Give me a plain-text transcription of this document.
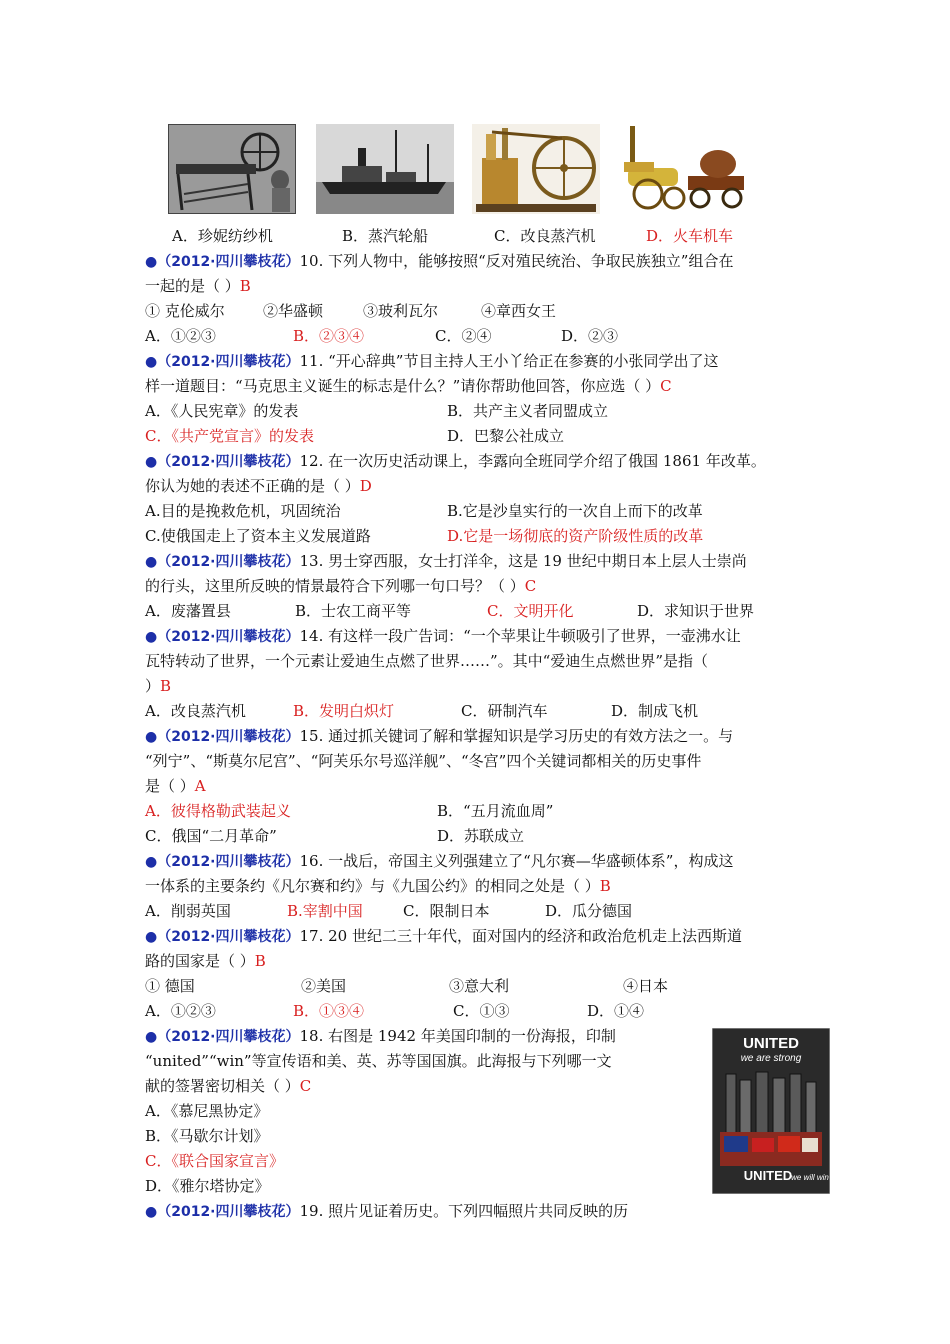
A．珍妮纺纱机	B．蒸汽轮船	C．改良蒸汽机	D．火车机车
●（2012·四川攀枝花）10. 下列人物中，能够按照“反对殖民统治、争取民族独立”组合在
一起的是（ ）B
① 克伦威尔	②华盛顿	③玻利瓦尔	④章西女王
A．①②③	B．②③④	C．②④	D．②③
●（2012·四川攀枝花）11. “开心辞典”节目主持人王小丫给正在参赛的小张同学出了这
样一道题目：“马克思主义诞生的标志是什么？”请你帮助他回答，你应选（ ）C
A．《人民宪章》的发表	B．共产主义者同盟成立
C．《共产党宣言》的发表	D．巴黎公社成立
●（2012·四川攀枝花）12. 在一次历史活动课上，李露向全班同学介绍了俄国 1861 年改革。
你认为她的表述不正确的是（ ）D
A.目的是挽救危机，巩固统治	B.它是沙皇实行的一次自上而下的改革
C.使俄国走上了资本主义发展道路	D.它是一场彻底的资产阶级性质的改革
●（2012·四川攀枝花）13. 男士穿西服，女士打洋伞，这是 19 世纪中期日本上层人士崇尚
的行头，这里所反映的情景最符合下列哪一句口号？（ ）C
A．废藩置县	B．士农工商平等	C．文明开化	D．求知识于世界
●（2012·四川攀枝花）14. 有这样一段广告词：“一个苹果让牛顿吸引了世界，一壶沸水让
瓦特转动了世界，一个元素让爱迪生点燃了世界……”。其中“爱迪生点燃世界”是指（
）B
A．改良蒸汽机	B．发明白炽灯	C．研制汽车	D．制成飞机
●（2012·四川攀枝花）15. 通过抓关键词了解和掌握知识是学习历史的有效方法之一。与
“列宁”、“斯莫尔尼宫”、“阿芙乐尔号巡洋舰”、“冬宫”四个关键词都相关的历史事件
是（ ）A
A．彼得格勒武装起义	B．“五月流血周”
C．俄国“二月革命”	D．苏联成立
●（2012·四川攀枝花）16. 一战后，帝国主义列强建立了“凡尔赛—华盛顿体系”，构成这
一体系的主要条约《凡尔赛和约》与《九国公约》的相同之处是（ ）B
A．削弱英国	B.宰割中国	C．限制日本	D．瓜分德国
●（2012·四川攀枝花）17. 20 世纪二三十年代，面对国内的经济和政治危机走上法西斯道
路的国家是（ ）B
① 德国	②美国	③意大利	④日本
A．①②③	B．①③④	C．①③	D．①④
●（2012·四川攀枝花）18. 右图是 1942 年美国印制的一份海报，印制
“united”“win”等宣传语和美、英、苏等国国旗。此海报与下列哪一文
献的签署密切相关（ ）C
A．《慕尼黑协定》
B．《马歇尔计划》
C．《联合国家宣言》
D．《雅尔塔协定》
UNITED
we are strong
UNITED
we will win
●（2012·四川攀枝花）19. 照片见证着历史。下列四幅照片共同反映的历
